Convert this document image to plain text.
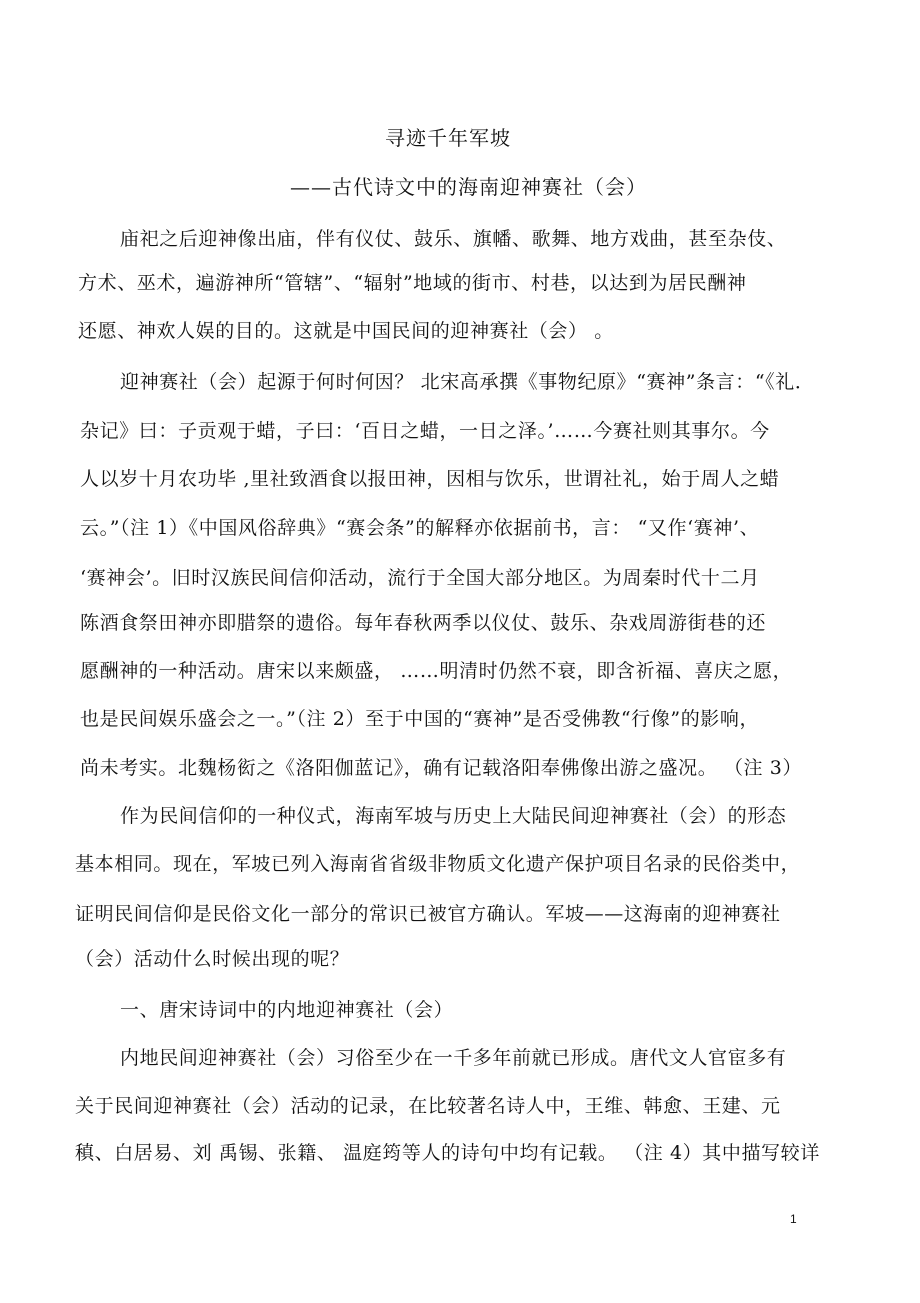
寻迹千年军坡
——古代诗文中的海南迎神赛社（会）
庙祀之后迎神像出庙，伴有仪仗、鼓乐、旗幡、歌舞、地方戏曲，甚至杂伎、
方术、巫术，遍游神所“管辖”、“辐射”地域的街市、村巷，以达到为居民酬神
还愿、神欢人娱的目的。这就是中国民间的迎神赛社（会） 。
迎神赛社（会）起源于何时何因？ 北宋高承撰《事物纪原》“赛神”条言：“《礼．
杂记》曰：子贡观于蜡，子曰：‘百日之蜡，一日之泽。’……今赛社则其事尔。今
人以岁十月农功毕 ,里社致酒食以报田神，因相与饮乐，世谓社礼，始于周人之蜡
云。”（注 1）《中国风俗辞典》“赛会条”的解释亦依据前书，言： “又作‘赛神’、
‘赛神会’。旧时汉族民间信仰活动，流行于全国大部分地区。为周秦时代十二月
陈酒食祭田神亦即腊祭的遗俗。每年春秋两季以仪仗、鼓乐、杂戏周游街巷的还
愿酬神的一种活动。唐宋以来颇盛， ……明清时仍然不衰，即含祈福、喜庆之愿，
也是民间娱乐盛会之一。”（注 2）至于中国的“赛神”是否受佛教“行像”的影响，
尚未考实。北魏杨衒之《洛阳伽蓝记》，确有记载洛阳奉佛像出游之盛况。 （注 3）
作为民间信仰的一种仪式，海南军坡与历史上大陆民间迎神赛社（会）的形态
基本相同。现在，军坡已列入海南省省级非物质文化遗产保护项目名录的民俗类中，
证明民间信仰是民俗文化一部分的常识已被官方确认。军坡——这海南的迎神赛社
（会）活动什么时候出现的呢？
一、唐宋诗词中的内地迎神赛社（会）
内地民间迎神赛社（会）习俗至少在一千多年前就已形成。唐代文人官宦多有
关于民间迎神赛社（会）活动的记录，在比较著名诗人中，王维、韩愈、王建、元
稹、白居易、刘 禹锡、张籍、 温庭筠等人的诗句中均有记载。 （注 4）其中描写较详
1
